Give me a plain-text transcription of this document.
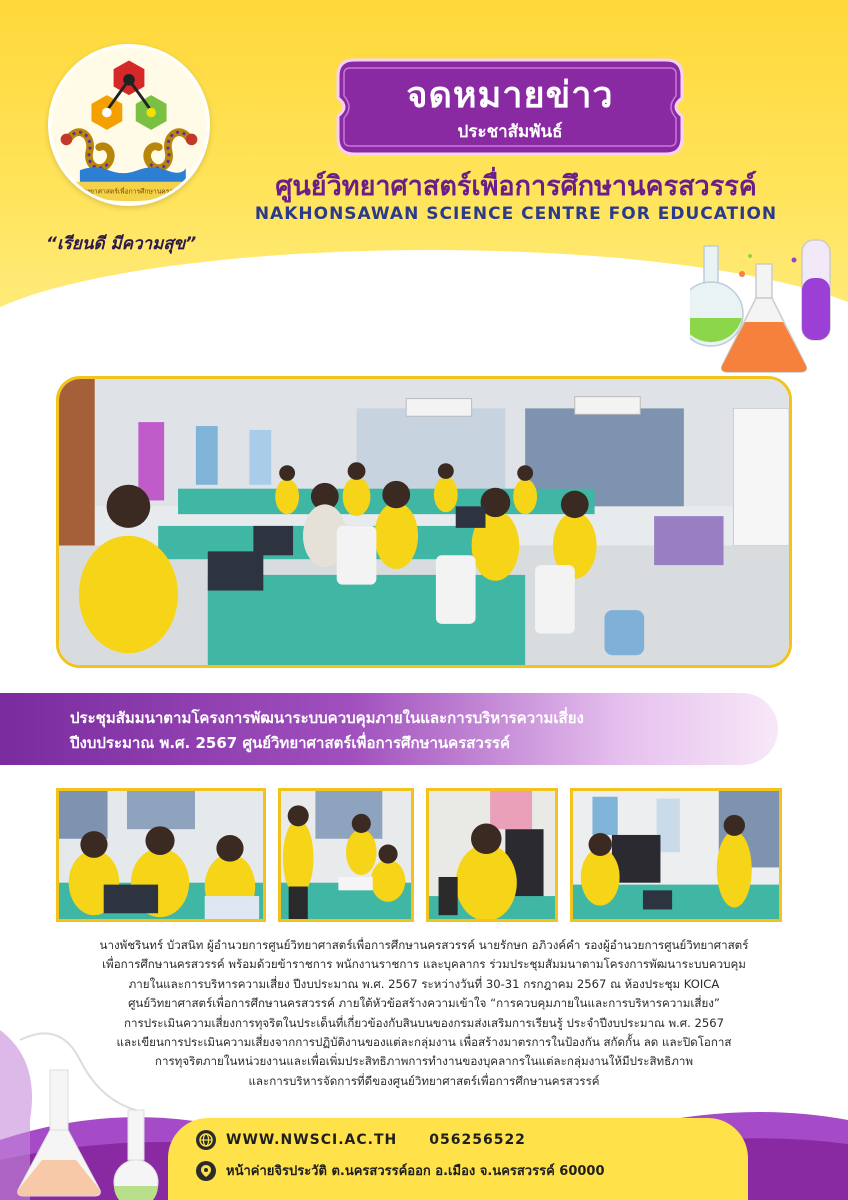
ศูนย์วิทยาศาสตร์เพื่อการศึกษานครสวรรค์
“เรียนดี มีความสุข”
จดหมายข่าว
ประชาสัมพันธ์
ศูนย์วิทยาศาสตร์เพื่อการศึกษานครสวรรค์
NAKHONSAWAN SCIENCE CENTRE FOR EDUCATION
ประชุมสัมมนาตามโครงการพัฒนาระบบควบคุมภายในและการบริหารความเสี่ยง
ปีงบประมาณ พ.ศ. 2567 ศูนย์วิทยาศาสตร์เพื่อการศึกษานครสวรรค์

นางพัชรินทร์ บัวสนิท ผู้อำนวยการศูนย์วิทยาศาสตร์เพื่อการศึกษานครสวรรค์ นายรักษก อภิวงค์คำ รองผู้อำนวยการศูนย์วิทยาศาสตร์

เพื่อการศึกษานครสวรรค์ พร้อมด้วยข้าราชการ พนักงานราชการ และบุคลากร ร่วมประชุมสัมมนาตามโครงการพัฒนาระบบควบคุม

ภายในและการบริหารความเสี่ยง ปีงบประมาณ พ.ศ. 2567 ระหว่างวันที่ 30-31 กรกฎาคม 2567 ณ ห้องประชุม KOICA

ศูนย์วิทยาศาสตร์เพื่อการศึกษานครสวรรค์ ภายใต้หัวข้อสร้างความเข้าใจ “การควบคุมภายในและการบริหารความเสี่ยง”

การประเมินความเสี่ยงการทุจริตในประเด็นที่เกี่ยวข้องกับสินบนของกรมส่งเสริมการเรียนรู้ ประจำปีงบประมาณ พ.ศ. 2567

และเขียนการประเมินความเสี่ยงจากการปฏิบัติงานของแต่ละกลุ่มงาน เพื่อสร้างมาตรการในป้องกัน สกัดกั้น ลด และปิดโอกาส

การทุจริตภายในหน่วยงานและเพื่อเพิ่มประสิทธิภาพการทำงานของบุคลากรในแต่ละกลุ่มงานให้มีประสิทธิภาพ

และการบริหารจัดการที่ดีของศูนย์วิทยาศาสตร์เพื่อการศึกษานครสวรรค์

WWW.NWSCI.AC.TH 056256522
หน้าค่ายจิรประวัติ ต.นครสวรรค์ออก อ.เมือง จ.นครสวรรค์ 60000
